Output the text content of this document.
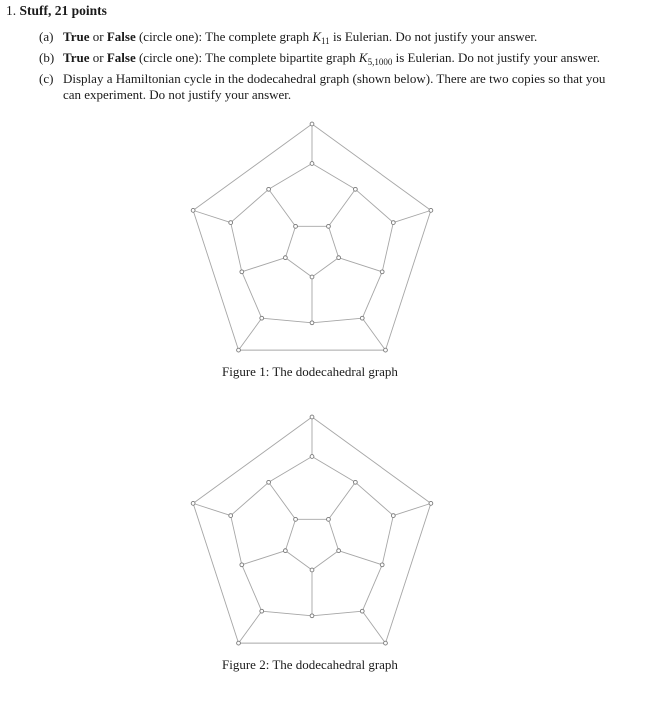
1. Stuff, 21 points
(a) True or False (circle one): The complete graph $K_{11}$ is Eulerian. Do not justify your answer.
(b) True or False (circle one): The complete bipartite graph $K_{5,1000}$ is Eulerian. Do not justify your answer.
(c) Display a Hamiltonian cycle in the dodecahedral graph (shown below). There are two copies so that you
can experiment. Do not justify your answer.
Figure 1: The dodecahedral graph
Figure 2: The dodecahedral graph
